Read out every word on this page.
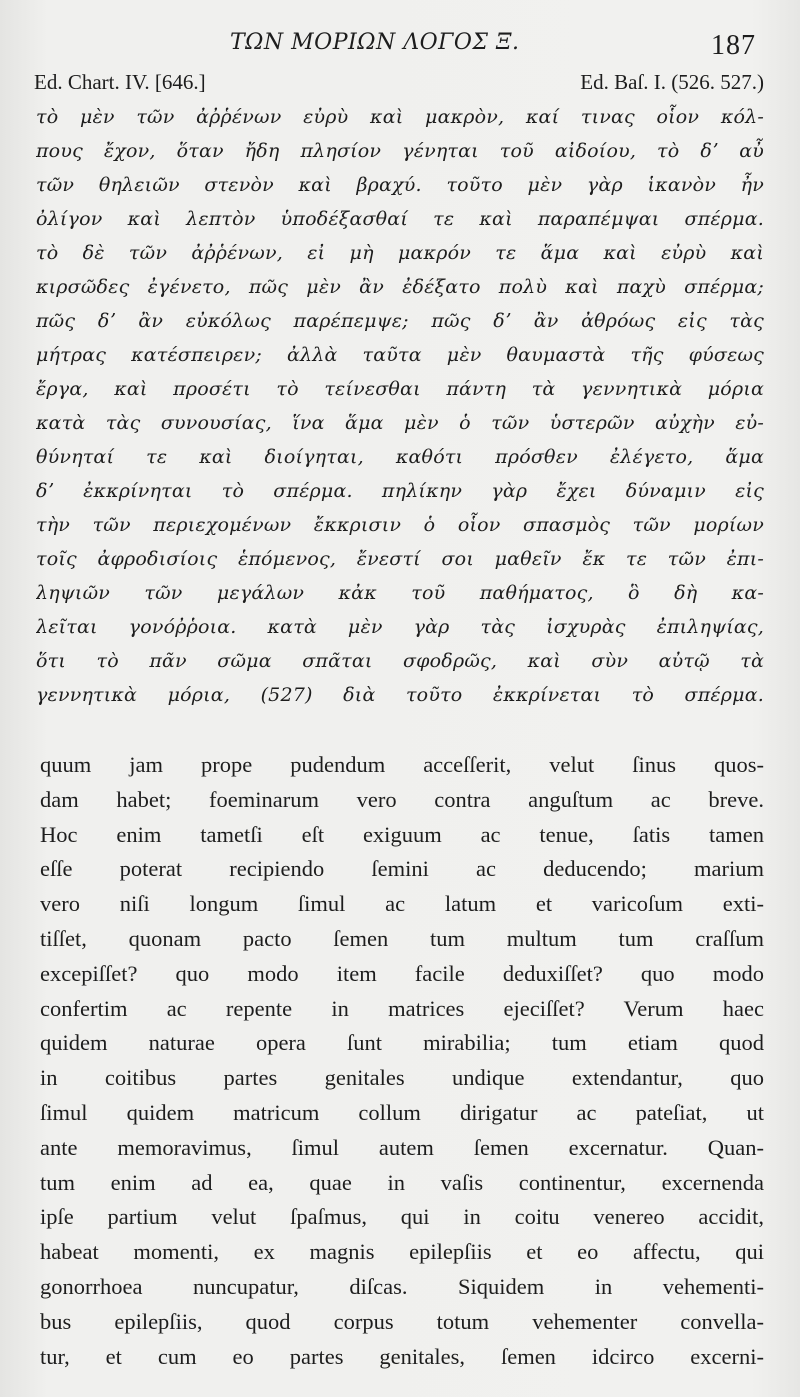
ΤΩΝ ΜΟΡΙΩΝ ΛΟΓΟΣ Ξ.	187
Ed. Chart. IV. [646.]	Ed. Baſ. I. (526. 527.)
τὸ μὲν τῶν ἀῤῥένων εὐρὺ καὶ μακρὸν, καί τινας οἷον κόλ-
πους ἔχον, ὅταν ἤδη πλησίον γένηται τοῦ αἰδοίου, τὸ δʼ αὖ
τῶν θηλειῶν στενὸν καὶ βραχύ. τοῦτο μὲν γὰρ ἱκανὸν ἦν
ὀλίγον καὶ λεπτὸν ὑποδέξασθαί τε καὶ παραπέμψαι σπέρμα.
τὸ δὲ τῶν ἀῤῥένων, εἰ μὴ μακρόν τε ἅμα καὶ εὐρὺ καὶ
κιρσῶδες ἐγένετο, πῶς μὲν ἂν ἐδέξατο πολὺ καὶ παχὺ σπέρμα;
πῶς δʼ ἂν εὐκόλως παρέπεμψε; πῶς δʼ ἂν ἀθρόως εἰς τὰς
μήτρας κατέσπειρεν; ἀλλὰ ταῦτα μὲν θαυμαστὰ τῆς φύσεως
ἔργα, καὶ προσέτι τὸ τείνεσθαι πάντη τὰ γεννητικὰ μόρια
κατὰ τὰς συνουσίας, ἵνα ἅμα μὲν ὁ τῶν ὑστερῶν αὐχὴν εὐ-
θύνηταί τε καὶ διοίγηται, καθότι πρόσθεν ἐλέγετο, ἅμα
δʼ ἐκκρίνηται τὸ σπέρμα. πηλίκην γὰρ ἔχει δύναμιν εἰς
τὴν τῶν περιεχομένων ἔκκρισιν ὁ οἷον σπασμὸς τῶν μορίων
τοῖς ἀφροδισίοις ἑπόμενος, ἔνεστί σοι μαθεῖν ἔκ τε τῶν ἐπι-
ληψιῶν τῶν μεγάλων κἀκ τοῦ παθήματος, ὃ δὴ κα-
λεῖται γονόῤῥοια. κατὰ μὲν γὰρ τὰς ἰσχυρὰς ἐπιληψίας,
ὅτι τὸ πᾶν σῶμα σπᾶται σφοδρῶς, καὶ σὺν αὐτῷ τὰ
γεννητικὰ μόρια, (527) διὰ τοῦτο ἐκκρίνεται τὸ σπέρμα.
quum jam prope pudendum acceſſerit, velut ſinus quos-
dam habet; foeminarum vero contra anguſtum ac breve.
Hoc enim tametſi eſt exiguum ac tenue, ſatis tamen
eſſe poterat recipiendo ſemini ac deducendo; marium
vero niſi longum ſimul ac latum et varicoſum exti-
tiſſet, quonam pacto ſemen tum multum tum craſſum
excepiſſet? quo modo item facile deduxiſſet? quo modo
confertim ac repente in matrices ejeciſſet? Verum haec
quidem naturae opera ſunt mirabilia; tum etiam quod
in coitibus partes genitales undique extendantur, quo
ſimul quidem matricum collum dirigatur ac pateſiat, ut
ante memoravimus, ſimul autem ſemen excernatur. Quan-
tum enim ad ea, quae in vaſis continentur, excernenda
ipſe partium velut ſpaſmus, qui in coitu venereo accidit,
habeat momenti, ex magnis epilepſiis et eo affectu, qui
gonorrhoea nuncupatur, diſcas. Siquidem in vehementi-
bus epilepſiis, quod corpus totum vehementer convella-
tur, et cum eo partes genitales, ſemen idcirco excerni-
